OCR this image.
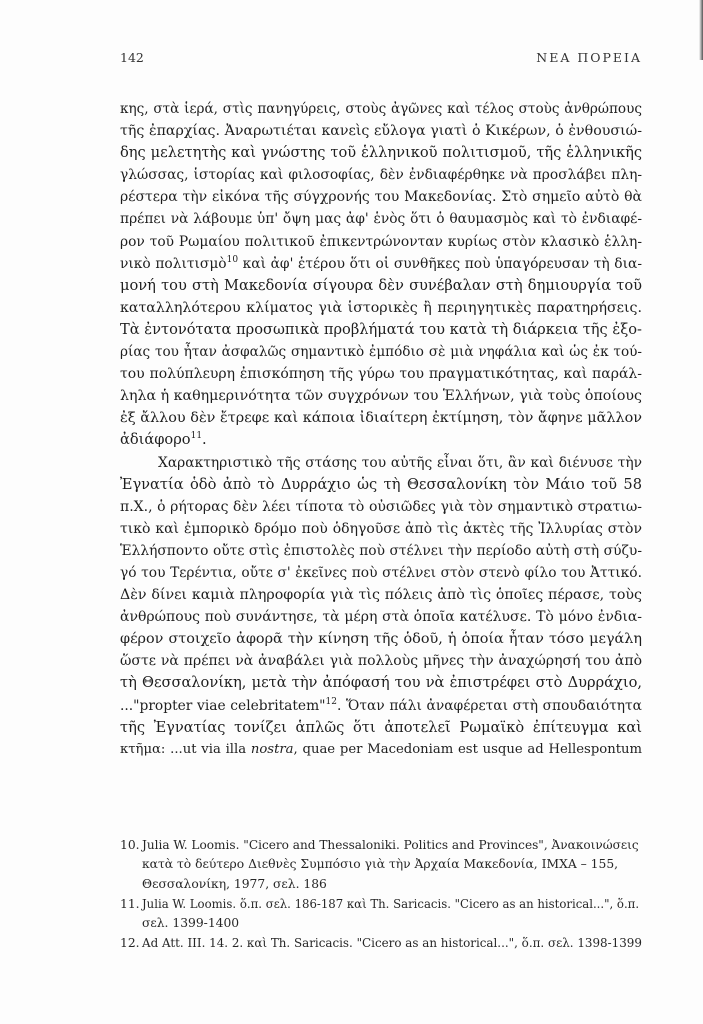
142	ΝΕΑ ΠΟΡΕΙΑ

κης, στὰ ἱερά, στὶς πανηγύρεις, στοὺς ἀγῶνες καὶ τέλος στοὺς ἀνθρώπους
τῆς ἐπαρχίας. Ἀναρωτιέται κανεὶς εὔλογα γιατὶ ὁ Κικέρων, ὁ ἐνθουσιώ-
δης μελετητὴς καὶ γνώστης τοῦ ἑλληνικοῦ πολιτισμοῦ, τῆς ἑλληνικῆς
γλώσσας, ἱστορίας καὶ φιλοσοφίας, δὲν ἐνδιαφέρθηκε νὰ προσλάβει πλη-
ρέστερα τὴν εἰκόνα τῆς σύγχρονής του Μακεδονίας. Στὸ σημεῖο αὐτὸ θὰ
πρέπει νὰ λάβουμε ὑπ' ὄψη μας ἀφ' ἑνὸς ὅτι ὁ θαυμασμὸς καὶ τὸ ἐνδιαφέ-
ρον τοῦ Ρωμαίου πολιτικοῦ ἐπικεντρώνονταν κυρίως στὸν κλασικὸ ἑλλη-
νικὸ πολιτισμὸ$^{10}$ καὶ ἀφ' ἑτέρου ὅτι οἱ συνθῆκες ποὺ ὑπαγόρευσαν τὴ δια-
μονή του στὴ Μακεδονία σίγουρα δὲν συνέβαλαν στὴ δημιουργία τοῦ
καταλληλότερου κλίματος γιὰ ἱστορικὲς ἢ περιηγητικὲς παρατηρήσεις.
Τὰ ἐντονότατα προσωπικὰ προβλήματά του κατὰ τὴ διάρκεια τῆς ἐξο-
ρίας του ἦταν ἀσφαλῶς σημαντικὸ ἐμπόδιο σὲ μιὰ νηφάλια καὶ ὡς ἐκ τού-
του πολύπλευρη ἐπισκόπηση τῆς γύρω του πραγματικότητας, καὶ παράλ-
ληλα ἡ καθημερινότητα τῶν συγχρόνων του Ἑλλήνων, γιὰ τοὺς ὁποίους
ἐξ ἄλλου δὲν ἔτρεφε καὶ κάποια ἰδιαίτερη ἐκτίμηση, τὸν ἄφηνε μᾶλλον
ἀδιάφορο$^{11}$.

Χαρακτηριστικὸ τῆς στάσης του αὐτῆς εἶναι ὅτι, ἂν καὶ διένυσε τὴν
Ἐγνατία ὁδὸ ἀπὸ τὸ Δυρράχιο ὡς τὴ Θεσσαλονίκη τὸν Μάιο τοῦ 58
π.Χ., ὁ ρήτορας δὲν λέει τίποτα τὸ οὐσιῶδες γιὰ τὸν σημαντικὸ στρατιω-
τικὸ καὶ ἐμπορικὸ δρόμο ποὺ ὁδηγοῦσε ἀπὸ τὶς ἀκτὲς τῆς Ἰλλυρίας στὸν
Ἑλλήσποντο οὔτε στὶς ἐπιστολὲς ποὺ στέλνει τὴν περίοδο αὐτὴ στὴ σύζυ-
γό του Τερέντια, οὔτε σ' ἐκεῖνες ποὺ στέλνει στὸν στενὸ φίλο του Ἀττικό.
Δὲν δίνει καμιὰ πληροφορία γιὰ τὶς πόλεις ἀπὸ τὶς ὁποῖες πέρασε, τοὺς
ἀνθρώπους ποὺ συνάντησε, τὰ μέρη στὰ ὁποῖα κατέλυσε. Τὸ μόνο ἐνδια-
φέρον στοιχεῖο ἀφορᾶ τὴν κίνηση τῆς ὁδοῦ, ἡ ὁποία ἦταν τόσο μεγάλη
ὥστε νὰ πρέπει νὰ ἀναβάλει γιὰ πολλοὺς μῆνες τὴν ἀναχώρησή του ἀπὸ
τὴ Θεσσαλονίκη, μετὰ τὴν ἀπόφασή του νὰ ἐπιστρέφει στὸ Δυρράχιο,
..."propter viae celebritatem"$^{12}$. Ὅταν πάλι ἀναφέρεται στὴ σπουδαιότητα
τῆς Ἐγνατίας τονίζει ἁπλῶς ὅτι ἀποτελεῖ Ρωμαϊκὸ ἐπίτευγμα καὶ
κτῆμα: ...ut via illa nostra, quae per Macedoniam est usque ad Hellespontum

10. Julia W. Loomis. "Cicero and Thessaloniki. Politics and Provinces", Ἀνακοινώσεις
κατὰ τὸ δεύτερο Διεθνὲς Συμπόσιο γιὰ τὴν Ἀρχαία Μακεδονία, ΙΜΧΑ – 155,
Θεσσαλονίκη, 1977, σελ. 186
11. Julia W. Loomis. ὅ.π. σελ. 186-187 καὶ Th. Saricacis. "Cicero as an historical...", ὅ.π.
σελ. 1399-1400
12. Ad Att. III. 14. 2. καὶ Th. Saricacis. "Cicero as an historical...", ὅ.π. σελ. 1398-1399
